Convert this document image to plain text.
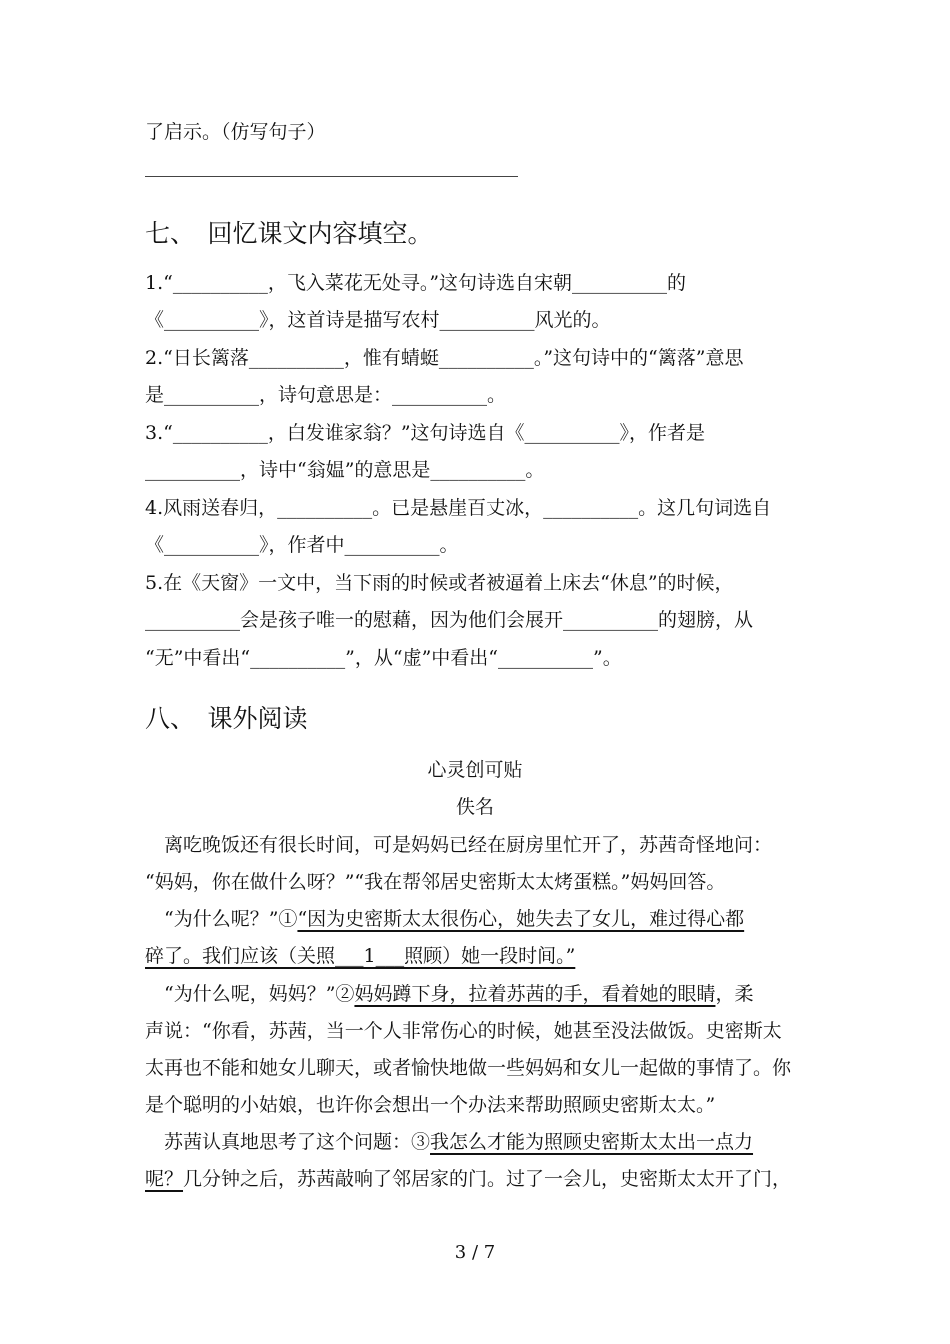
了启示。（仿写句子）
七、　回忆课文内容填空。
1.“__________，飞入菜花无处寻。”这句诗选自宋朝__________的
《__________》，这首诗是描写农村__________风光的。
2.“日长篱落__________，惟有蜻蜓__________。”这句诗中的“篱落”意思
是__________，诗句意思是：__________。
3.“__________，白发谁家翁？”这句诗选自《__________》，作者是
__________，诗中“翁媪”的意思是__________。
4.风雨送春归，__________。已是悬崖百丈冰，__________。这几句词选自
《__________》，作者中__________。
5.在《天窗》一文中，当下雨的时候或者被逼着上床去“休息”的时候，
__________会是孩子唯一的慰藉，因为他们会展开__________的翅膀，从
“无”中看出“__________”，从“虚”中看出“__________”。
八、　课外阅读
心灵创可贴
佚名
　离吃晚饭还有很长时间，可是妈妈已经在厨房里忙开了，苏茜奇怪地问：
“妈妈，你在做什么呀？”“我在帮邻居史密斯太太烤蛋糕。”妈妈回答。
　“为什么呢？”①“因为史密斯太太很伤心，她失去了女儿，难过得心都
碎了。我们应该（关照___1___照顾）她一段时间。”
　“为什么呢，妈妈？”②妈妈蹲下身，拉着苏茜的手，看着她的眼睛，柔
声说：“你看，苏茜，当一个人非常伤心的时候，她甚至没法做饭。史密斯太
太再也不能和她女儿聊天，或者愉快地做一些妈妈和女儿一起做的事情了。你
是个聪明的小姑娘，也许你会想出一个办法来帮助照顾史密斯太太。”
　苏茜认真地思考了这个问题：③我怎么才能为照顾史密斯太太出一点力
呢？几分钟之后，苏茜敲响了邻居家的门。过了一会儿，史密斯太太开了门，
3 / 7
